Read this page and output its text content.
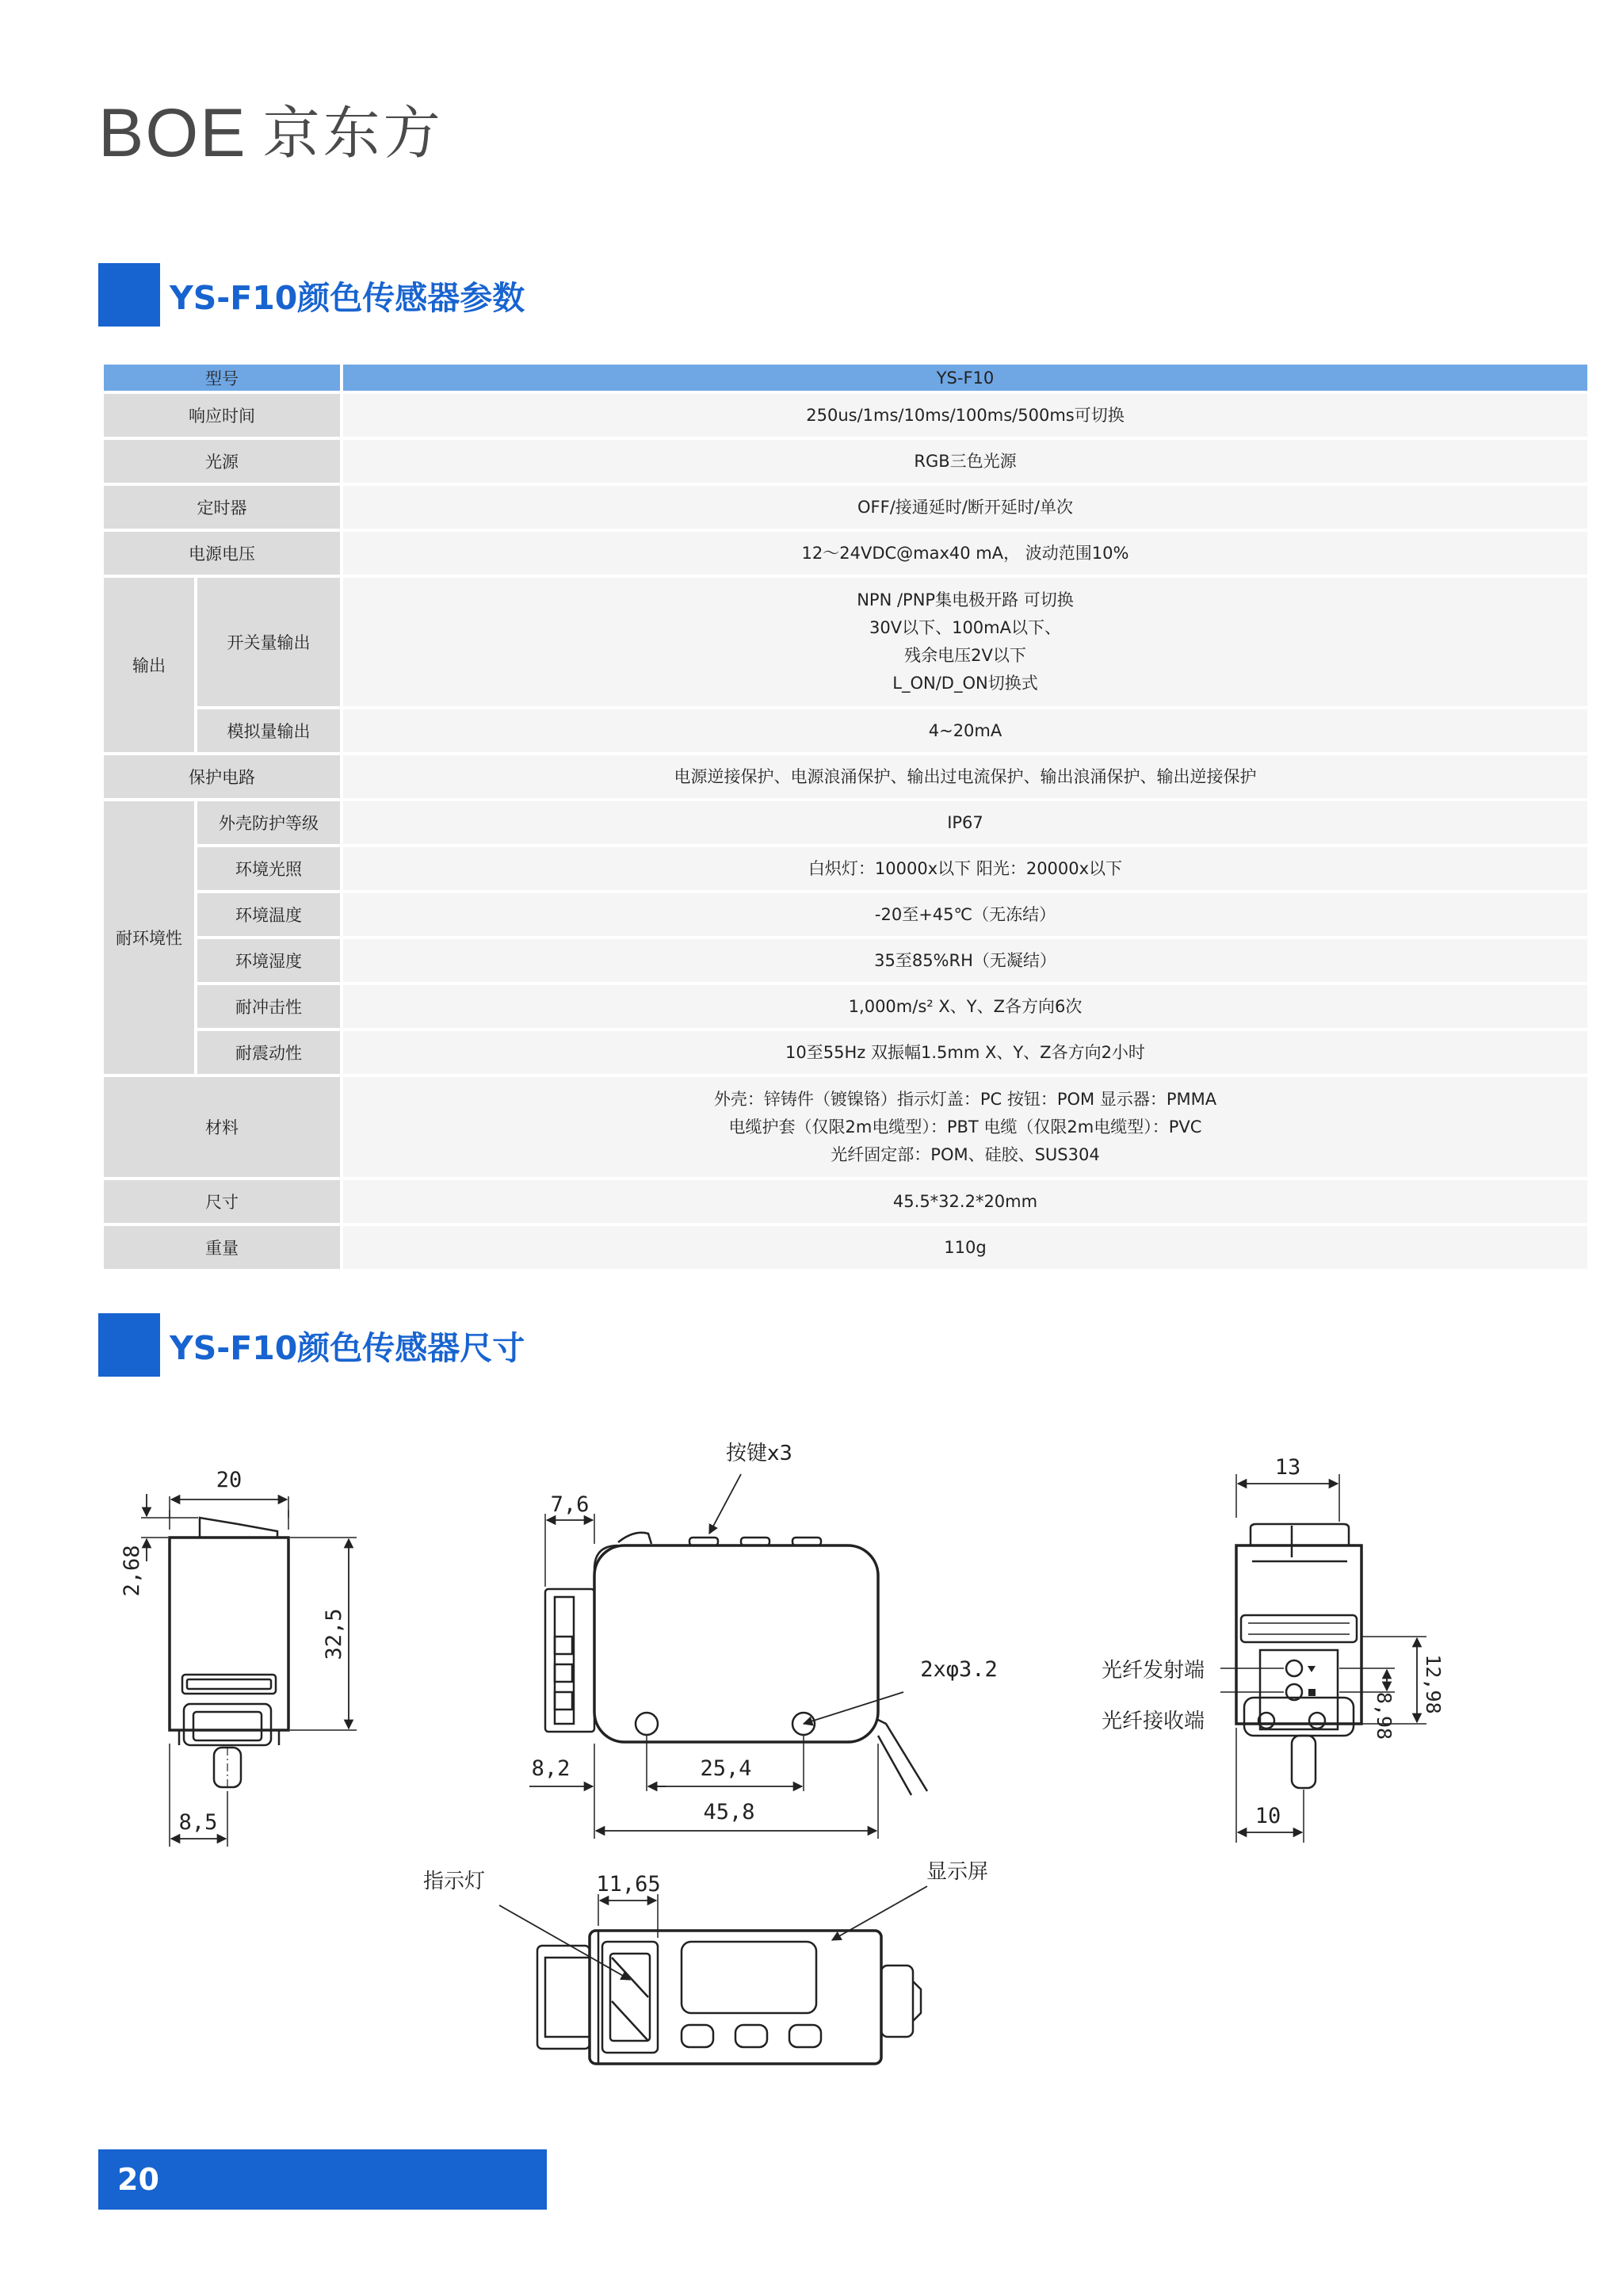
BOE 京东方
YS-F10颜色传感器参数
型号		YS-F10
响应时间		250us/1ms/10ms/100ms/500ms可切换
光源		RGB三色光源
定时器		OFF/接通延时/断开延时/单次
电源电压		12～24VDC@max40 mA， 波动范围10%
输出	开关量输出	NPN /PNP集电极开路 可切换
30V以下、100mA以下、
残余电压2V以下
L_ON/D_ON切换式

	模拟量输出	4~20mA
保护电路		电源逆接保护、电源浪涌保护、输出过电流保护、输出浪涌保护、输出逆接保护
耐环境性	外壳防护等级	IP67
	环境光照	白炽灯：10000x以下 阳光：20000x以下
	环境温度	-20至+45℃（无冻结）
	环境湿度	35至85%RH（无凝结）
	耐冲击性	1,000m/s² X、Y、Z各方向6次
	耐震动性	10至55Hz 双振幅1.5mm X、Y、Z各方向2小时
材料		外壳：锌铸件（镀镍铬）指示灯盖：PC 按钮：POM 显示器：PMMA
电缆护套（仅限2m电缆型）：PBT 电缆（仅限2m电缆型）：PVC
光纤固定部：POM、硅胶、SUS304

尺寸		45.5*32.2*20mm
重量		110g
YS-F10颜色传感器尺寸
20
2,68
32,5
8,5
按键x3
7,6
2xφ3.2
8,2	25,4
45,8
13
光纤发射端
光纤接收端	8,98
12,98
10
指示灯	11,65	显示屏
20
